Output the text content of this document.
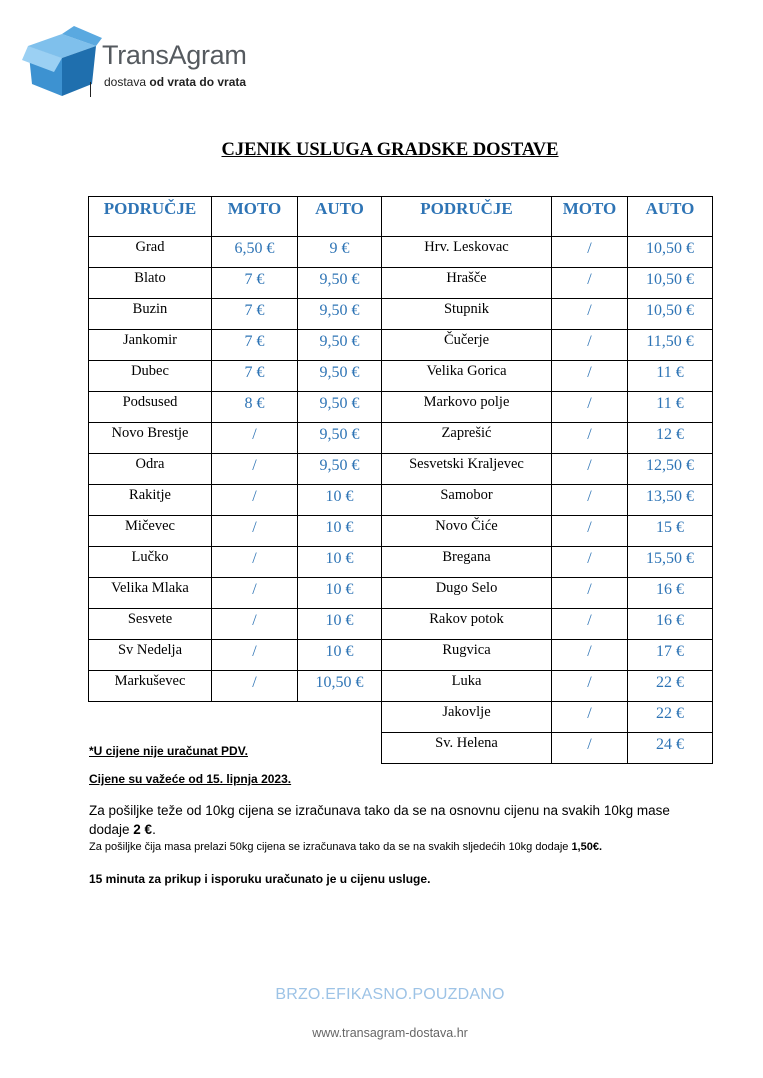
TransAgram
dostava od vrata do vrata
CJENIK USLUGA GRADSKE DOSTAVE
PODRUČJE	MOTO	AUTO
Grad	6,50 €	9 €
Blato	7 €	9,50 €
Buzin	7 €	9,50 €
Jankomir	7 €	9,50 €
Dubec	7 €	9,50 €
Podsused	8 €	9,50 €
Novo Brestje	/	9,50 €
Odra	/	9,50 €
Rakitje	/	10 €
Mičevec	/	10 €
Lučko	/	10 €
Velika Mlaka	/	10 €
Sesvete	/	10 €
Sv Nedelja	/	10 €
Markuševec	/	10,50 €
PODRUČJE	MOTO	AUTO
Hrv. Leskovac	/	10,50 €
Hrašče	/	10,50 €
Stupnik	/	10,50 €
Čučerje	/	11,50 €
Velika Gorica	/	11 €
Markovo polje	/	11 €
Zaprešić	/	12 €
Sesvetski Kraljevec	/	12,50 €
Samobor	/	13,50 €
Novo Čiće	/	15 €
Bregana	/	15,50 €
Dugo Selo	/	16 €
Rakov potok	/	16 €
Rugvica	/	17 €
Luka	/	22 €
Jakovlje	/	22 €
Sv. Helena	/	24 €
*U cijene nije uračunat PDV.
Cijene su važeće od 15. lipnja 2023.
Za pošiljke teže od 10kg cijena se izračunava tako da se na osnovnu cijenu na svakih 10kg mase dodaje 2 €.
Za pošiljke čija masa prelazi 50kg cijena se izračunava tako da se na svakih sljedećih 10kg dodaje 1,50€.
15 minuta za prikup i isporuku uračunato je u cijenu usluge.
BRZO.EFIKASNO.POUZDANO
www.transagram-dostava.hr
